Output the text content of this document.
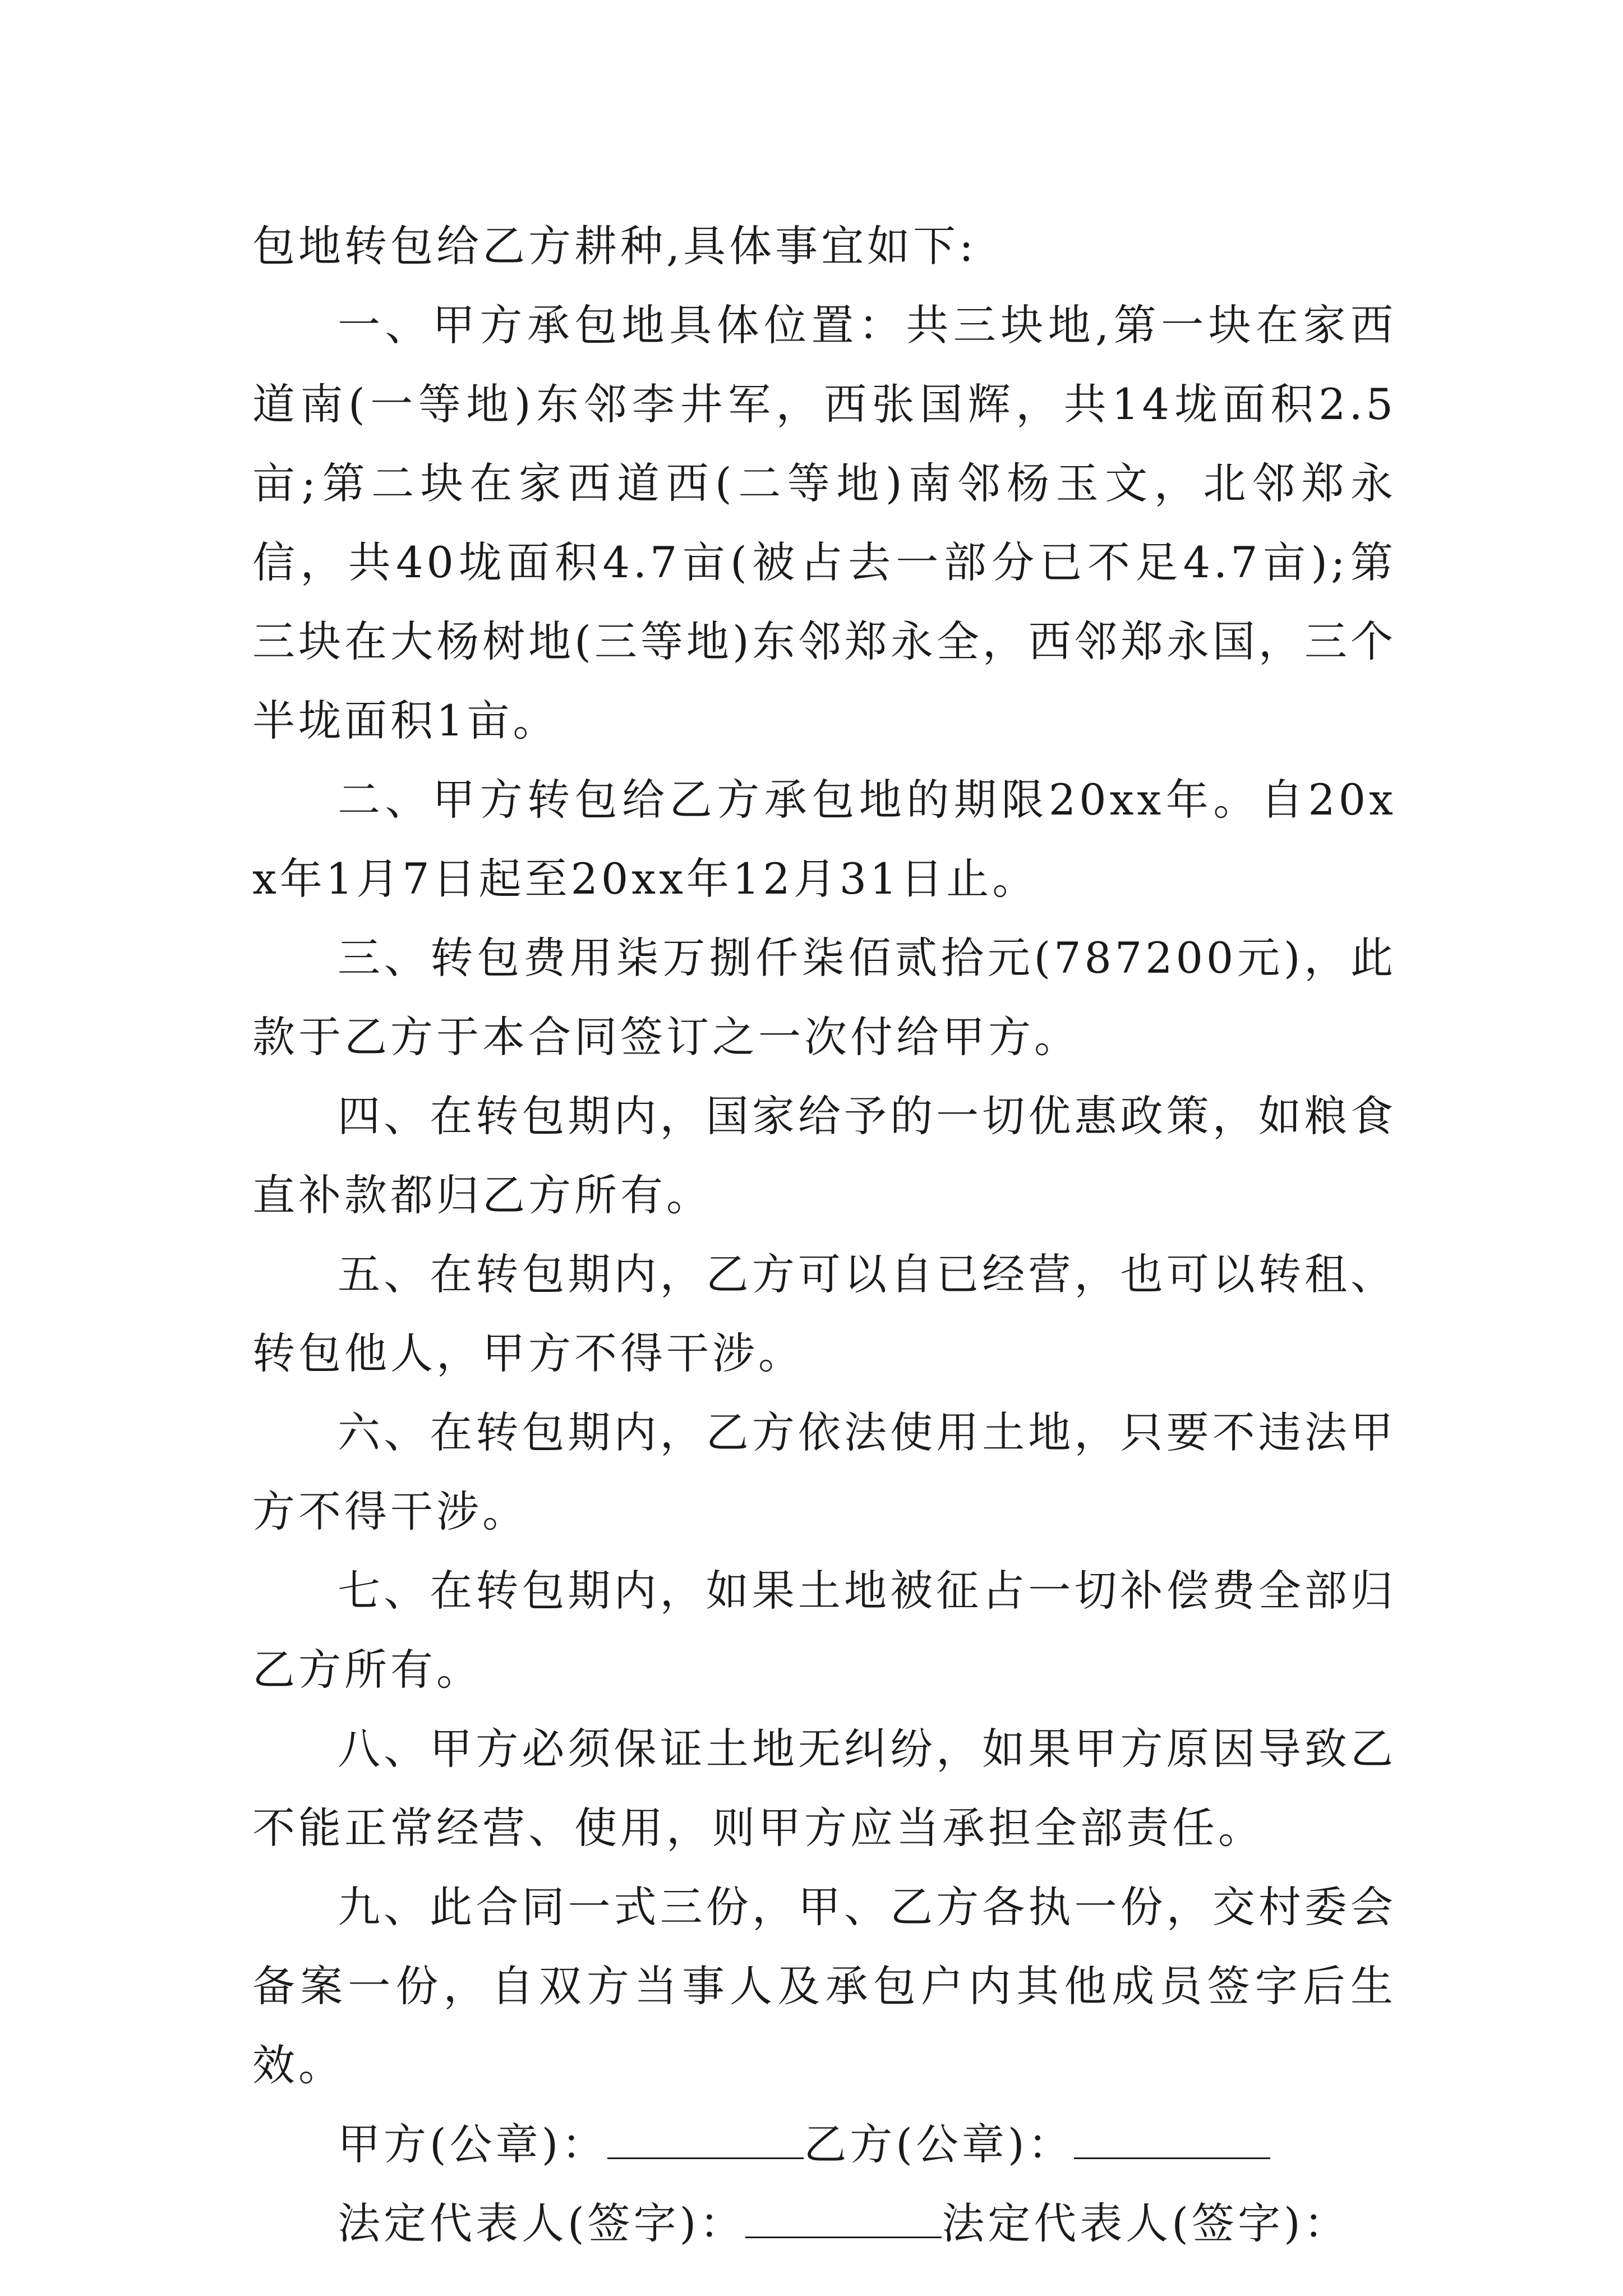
包地转包给乙方耕种,具体事宜如下:

一、甲方承包地具体位置：共三块地,第一块在家西道南(一等地)东邻李井军，西张国辉，共14垅面积2.5亩;第二块在家西道西(二等地)南邻杨玉文，北邻郑永信，共40垅面积4.7亩(被占去一部分已不足4.7亩);第三块在大杨树地(三等地)东邻郑永全，西邻郑永国，三个半垅面积1亩。

二、甲方转包给乙方承包地的期限20xx年。自20xx年1月7日起至20xx年12月31日止。

三、转包费用柒万捌仟柒佰贰拾元(787200元)，此款于乙方于本合同签订之一次付给甲方。

四、在转包期内，国家给予的一切优惠政策，如粮食直补款都归乙方所有。

五、在转包期内，乙方可以自已经营，也可以转租、转包他人，甲方不得干涉。

六、在转包期内，乙方依法使用土地，只要不违法甲方不得干涉。

七、在转包期内，如果土地被征占一切补偿费全部归乙方所有。

八、甲方必须保证土地无纠纷，如果甲方原因导致乙不能正常经营、使用，则甲方应当承担全部责任。

九、此合同一式三份，甲、乙方各执一份，交村委会备案一份，自双方当事人及承包户内其他成员签字后生效。

甲方(公章)：	乙方(公章)：

法定代表人(签字)：	法定代表人(签字)：
